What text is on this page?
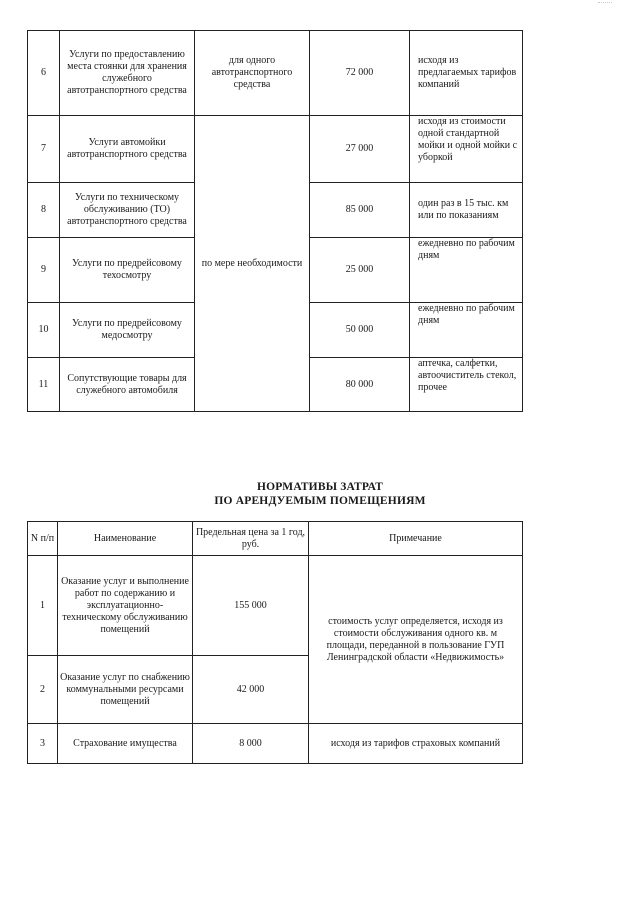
6	Услуги по предоставлению места стоянки для хранения служебного автотранспортного средства	для одного автотранспортного средства	72 000	исходя из предлагаемых тарифов компаний
7	Услуги автомойки автотранспортного средства	по мере необходимости	27 000	исходя из стоимости одной стандартной мойки и одной мойки с уборкой
8	Услуги по техническому обслуживанию (ТО) автотранспортного средства		85 000	один раз в 15 тыс. км или по показаниям
9	Услуги по предрейсовому техосмотру		25 000	ежедневно по рабочим дням
10	Услуги по предрейсовому медосмотру		50 000	ежедневно по рабочим дням
11	Сопутствующие товары для служебного автомобиля		80 000	аптечка, салфетки, автоочиститель стекол, прочее
НОРМАТИВЫ ЗАТРАТ
ПО АРЕНДУЕМЫМ ПОМЕЩЕНИЯМ
N п/п	Наименование	Предельная цена за 1 год, руб.	Примечание
1	Оказание услуг и выполнение работ по содержанию и эксплуатационно-техническому обслуживанию помещений	155 000	стоимость услуг определяется, исходя из стоимости обслуживания одного кв. м площади, переданной в пользование ГУП Ленинградской области «Недвижимость»
2	Оказание услуг по снабжению коммунальными ресурсами помещений	42 000	
3	Страхование имущества	8 000	исходя из тарифов страховых компаний
